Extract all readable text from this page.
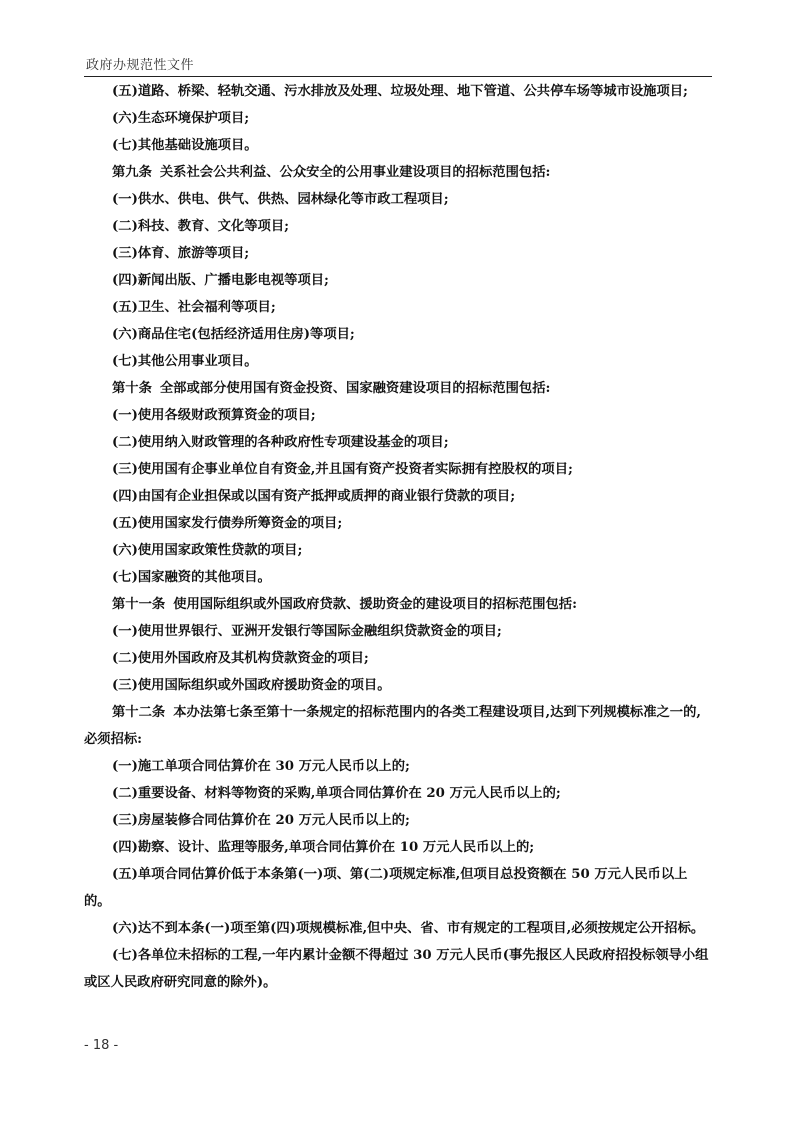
政府办规范性文件

(五)道路、桥梁、轻轨交通、污水排放及处理、垃圾处理、地下管道、公共停车场等城市设施项目;

(六)生态环境保护项目;

(七)其他基础设施项目。

第九条 关系社会公共利益、公众安全的公用事业建设项目的招标范围包括:

(一)供水、供电、供气、供热、园林绿化等市政工程项目;

(二)科技、教育、文化等项目;

(三)体育、旅游等项目;

(四)新闻出版、广播电影电视等项目;

(五)卫生、社会福利等项目;

(六)商品住宅(包括经济适用住房)等项目;

(七)其他公用事业项目。

第十条 全部或部分使用国有资金投资、国家融资建设项目的招标范围包括:

(一)使用各级财政预算资金的项目;

(二)使用纳入财政管理的各种政府性专项建设基金的项目;

(三)使用国有企事业单位自有资金,并且国有资产投资者实际拥有控股权的项目;

(四)由国有企业担保或以国有资产抵押或质押的商业银行贷款的项目;

(五)使用国家发行债券所筹资金的项目;

(六)使用国家政策性贷款的项目;

(七)国家融资的其他项目。

第十一条 使用国际组织或外国政府贷款、援助资金的建设项目的招标范围包括:

(一)使用世界银行、亚洲开发银行等国际金融组织贷款资金的项目;

(二)使用外国政府及其机构贷款资金的项目;

(三)使用国际组织或外国政府援助资金的项目。

第十二条 本办法第七条至第十一条规定的招标范围内的各类工程建设项目,达到下列规模标准之一的,必须招标:

(一)施工单项合同估算价在 30 万元人民币以上的;

(二)重要设备、材料等物资的采购,单项合同估算价在 20 万元人民币以上的;

(三)房屋装修合同估算价在 20 万元人民币以上的;

(四)勘察、设计、监理等服务,单项合同估算价在 10 万元人民币以上的;

(五)单项合同估算价低于本条第(一)项、第(二)项规定标准,但项目总投资额在 50 万元人民币以上的。

(六)达不到本条(一)项至第(四)项规模标准,但中央、省、市有规定的工程项目,必须按规定公开招标。

(七)各单位未招标的工程,一年内累计金额不得超过 30 万元人民币(事先报区人民政府招投标领导小组或区人民政府研究同意的除外)。

- 18 -
